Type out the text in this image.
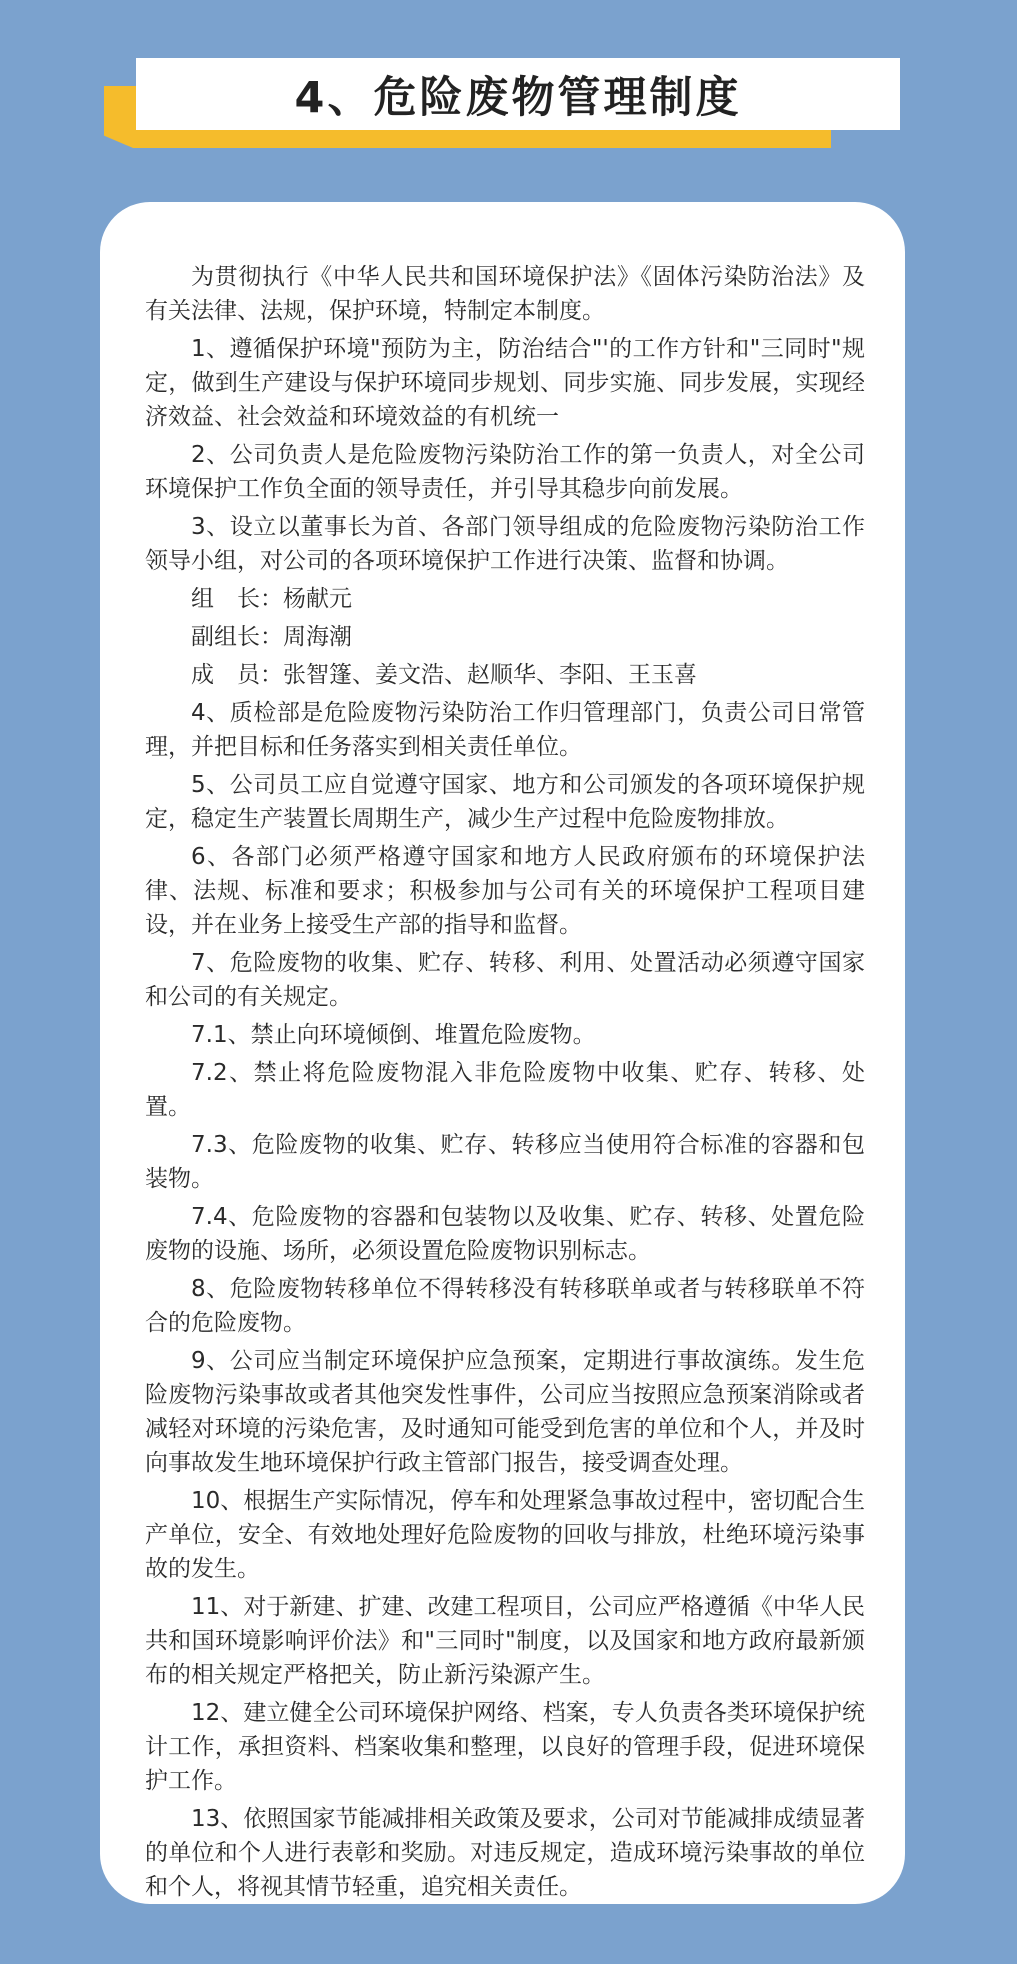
4、危险废物管理制度

为贯彻执行《中华人民共和国环境保护法》《固体污染防治法》及有关法律、法规，保护环境，特制定本制度。

1、遵循保护环境"预防为主，防治结合"'的工作方针和"三同时"规定，做到生产建设与保护环境同步规划、同步实施、同步发展，实现经济效益、社会效益和环境效益的有机统一

2、公司负责人是危险废物污染防治工作的第一负责人，对全公司环境保护工作负全面的领导责任，并引导其稳步向前发展。

3、设立以董事长为首、各部门领导组成的危险废物污染防治工作领导小组，对公司的各项环境保护工作进行决策、监督和协调。

组　长：杨献元

副组长：周海潮

成　员：张智篷、姜文浩、赵顺华、李阳、王玉喜

4、质检部是危险废物污染防治工作归管理部门，负责公司日常管理，并把目标和任务落实到相关责任单位。

5、公司员工应自觉遵守国家、地方和公司颁发的各项环境保护规定，稳定生产装置长周期生产，减少生产过程中危险废物排放。

6、各部门必须严格遵守国家和地方人民政府颁布的环境保护法律、法规、标准和要求；积极参加与公司有关的环境保护工程项目建设，并在业务上接受生产部的指导和监督。

7、危险废物的收集、贮存、转移、利用、处置活动必须遵守国家和公司的有关规定。

7.1、禁止向环境倾倒、堆置危险废物。

7.2、禁止将危险废物混入非危险废物中收集、贮存、转移、处置。

7.3、危险废物的收集、贮存、转移应当使用符合标准的容器和包装物。

7.4、危险废物的容器和包装物以及收集、贮存、转移、处置危险废物的设施、场所，必须设置危险废物识别标志。

8、危险废物转移单位不得转移没有转移联单或者与转移联单不符合的危险废物。

9、公司应当制定环境保护应急预案，定期进行事故演练。发生危险废物污染事故或者其他突发性事件，公司应当按照应急预案消除或者减轻对环境的污染危害，及时通知可能受到危害的单位和个人，并及时向事故发生地环境保护行政主管部门报告，接受调查处理。

10、根据生产实际情况，停车和处理紧急事故过程中，密切配合生产单位，安全、有效地处理好危险废物的回收与排放，杜绝环境污染事故的发生。

11、对于新建、扩建、改建工程项目，公司应严格遵循《中华人民共和国环境影响评价法》和"三同时"制度，以及国家和地方政府最新颁布的相关规定严格把关，防止新污染源产生。

12、建立健全公司环境保护网络、档案，专人负责各类环境保护统计工作，承担资料、档案收集和整理，以良好的管理手段，促进环境保护工作。

13、依照国家节能减排相关政策及要求，公司对节能减排成绩显著的单位和个人进行表彰和奖励。对违反规定，造成环境污染事故的单位和个人，将视其情节轻重，追究相关责任。
